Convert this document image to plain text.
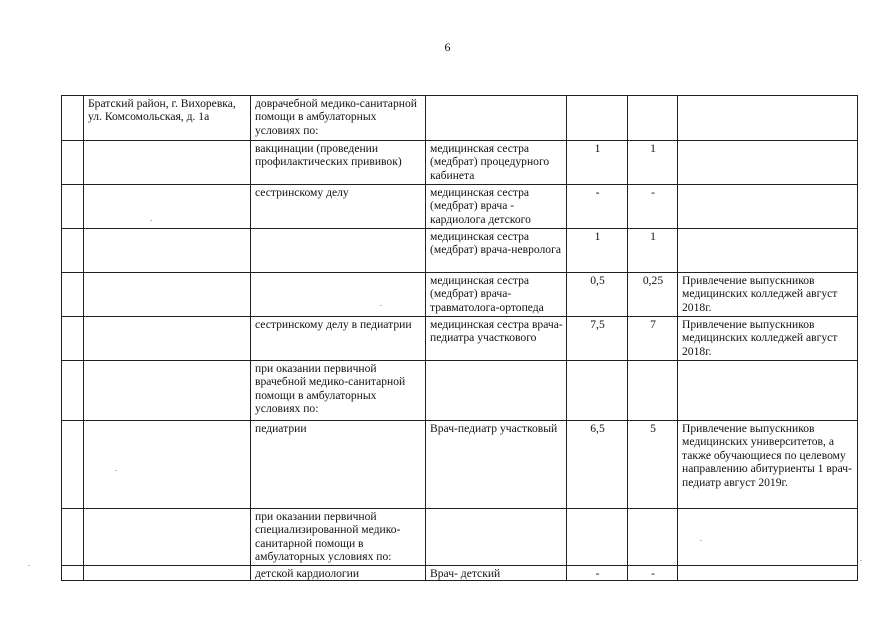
6
	Братский район, г. Вихоревка, ул. Комсомольская, д. 1а	доврачебной медико-санитарной помощи в амбулаторных условиях по:				
		вакцинации (проведении профилактических прививок)	медицинская сестра (медбрат) процедурного кабинета	1	1	
		сестринскому делу	медицинская сестра (медбрат) врача - кардиолога детского	-	-	
			медицинская сестра (медбрат) врача-невролога	1	1	
			медицинская сестра (медбрат) врача-травматолога-ортопеда	0,5	0,25	Привлечение выпускников медицинских колледжей август 2018г.
		сестринскому делу в педиатрии	медицинская сестра врача-педиатра участкового	7,5	7	Привлечение выпускников медицинских колледжей август 2018г.
		при оказании первичной врачебной медико-санитарной помощи в амбулаторных условиях по:				
		педиатрии	Врач-педиатр участковый	6,5	5	Привлечение выпускников медицинских университетов, а также обучающиеся по целевому направлению абитуриенты 1 врач-педиатр август 2019г.
		при оказании первичной специализированной медико-санитарной помощи в амбулаторных условиях по:				
		детской кардиологии	Врач- детский	-	-	
